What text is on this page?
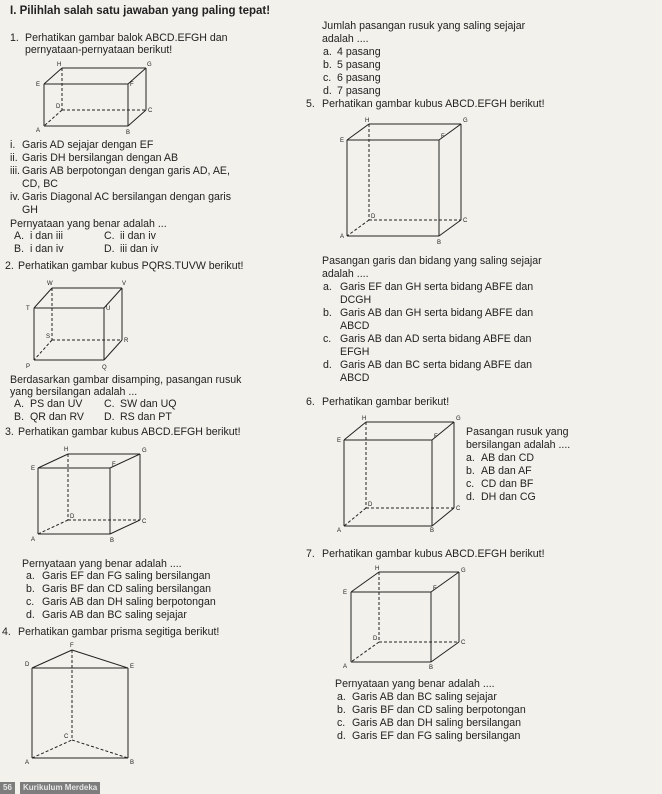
I. Pilihlah salah satu jawaban yang paling tepat!
1. Perhatikan gambar balok ABCD.EFGH dan
pernyataan-pernyataan berikut!
H	G
E	F
D
C
A	B
i. Garis AD sejajar dengan EF
ii. Garis DH bersilangan dengan AB
iii. Garis AB berpotongan dengan garis AD, AE,
CD, BC
iv. Garis Diagonal AC bersilangan dengan garis
GH
Pernyataan yang benar adalah ...
A. i dan iii	C. ii dan iv
B. i dan iv	D. iii dan iv
2. Perhatikan gambar kubus PQRS.TUVW berikut!
W	V
T	U
S
R
P	Q
Berdasarkan gambar disamping, pasangan rusuk
yang bersilangan adalah ...
A. PS dan UV C. SW dan UQ
B. QR dan RV D. RS dan PT
3. Perhatikan gambar kubus ABCD.EFGH berikut!
H	G
E
F
D
C
A	B
Pernyataan yang benar adalah ....
a. Garis EF dan FG saling bersilangan
b. Garis BF dan CD saling bersilangan
c. Garis AB dan DH saling berpotongan
d. Garis AB dan BC saling sejajar
4. Perhatikan gambar prisma segitiga berikut!
F
D	E
C
A	B
56	Kurikulum Merdeka
Jumlah pasangan rusuk yang saling sejajar
adalah ....
a. 4 pasang
b. 5 pasang
c. 6 pasang
d. 7 pasang
5. Perhatikan gambar kubus ABCD.EFGH berikut!
H	G
E
F
D
C
A
B
Pasangan garis dan bidang yang saling sejajar
adalah ....
a. Garis EF dan GH serta bidang ABFE dan
DCGH
b. Garis AB dan GH serta bidang ABFE dan
ABCD
c. Garis AB dan AD serta bidang ABFE dan
EFGH
d. Garis AB dan BC serta bidang ABFE dan
ABCD
6. Perhatikan gambar berikut!
H	G
E
F
D
C
A	B
Pasangan rusuk yang
bersilangan adalah ....
a. AB dan CD
b. AB dan AF
c. CD dan BF
d. DH dan CG
7. Perhatikan gambar kubus ABCD.EFGH berikut!
H	G
E
F
D
C
A	B
Pernyataan yang benar adalah ....
a. Garis AB dan BC saling sejajar
b. Garis BF dan CD saling berpotongan
c. Garis AB dan DH saling bersilangan
d. Garis EF dan FG saling bersilangan
